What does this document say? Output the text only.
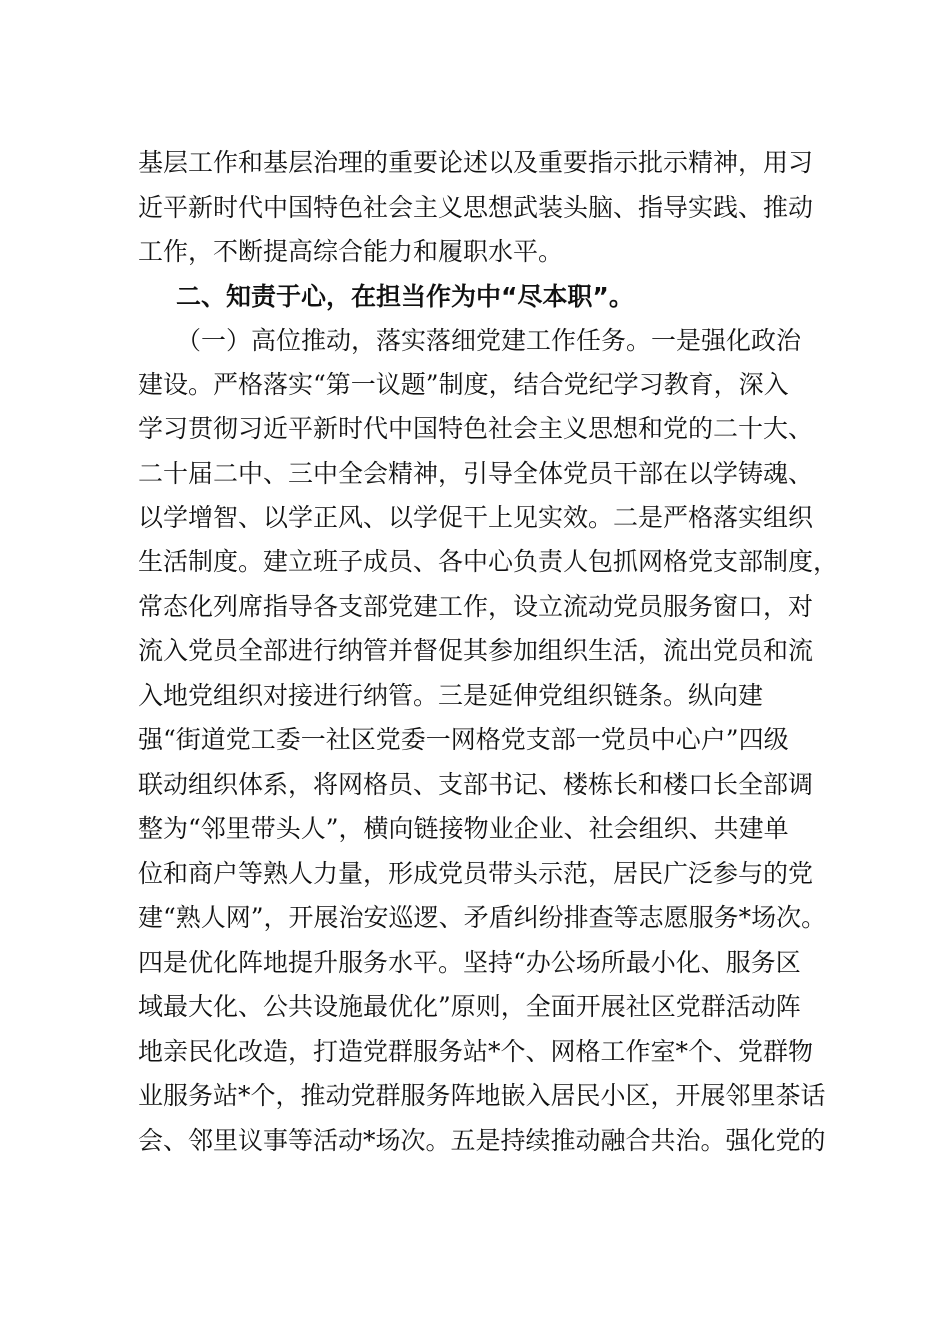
基层工作和基层治理的重要论述以及重要指示批示精神，用习
近平新时代中国特色社会主义思想武装头脑、指导实践、推动
工作，不断提高综合能力和履职水平。
二、知责于心，在担当作为中“尽本职”。
（一）高位推动，落实落细党建工作任务。一是强化政治
建设。严格落实“第一议题”制度，结合党纪学习教育，深入
学习贯彻习近平新时代中国特色社会主义思想和党的二十大、
二十届二中、三中全会精神，引导全体党员干部在以学铸魂、
以学增智、以学正风、以学促干上见实效。二是严格落实组织
生活制度。建立班子成员、各中心负责人包抓网格党支部制度，
常态化列席指导各支部党建工作，设立流动党员服务窗口，对
流入党员全部进行纳管并督促其参加组织生活，流出党员和流
入地党组织对接进行纳管。三是延伸党组织链条。纵向建
强“街道党工委一社区党委一网格党支部一党员中心户”四级
联动组织体系，将网格员、支部书记、楼栋长和楼口长全部调
整为“邻里带头人”，横向链接物业企业、社会组织、共建单
位和商户等熟人力量，形成党员带头示范，居民广泛参与的党
建“熟人网”，开展治安巡逻、矛盾纠纷排查等志愿服务*场次。
四是优化阵地提升服务水平。坚持“办公场所最小化、服务区
域最大化、公共设施最优化”原则，全面开展社区党群活动阵
地亲民化改造，打造党群服务站*个、网格工作室*个、党群物
业服务站*个，推动党群服务阵地嵌入居民小区，开展邻里茶话
会、邻里议事等活动*场次。五是持续推动融合共治。强化党的
